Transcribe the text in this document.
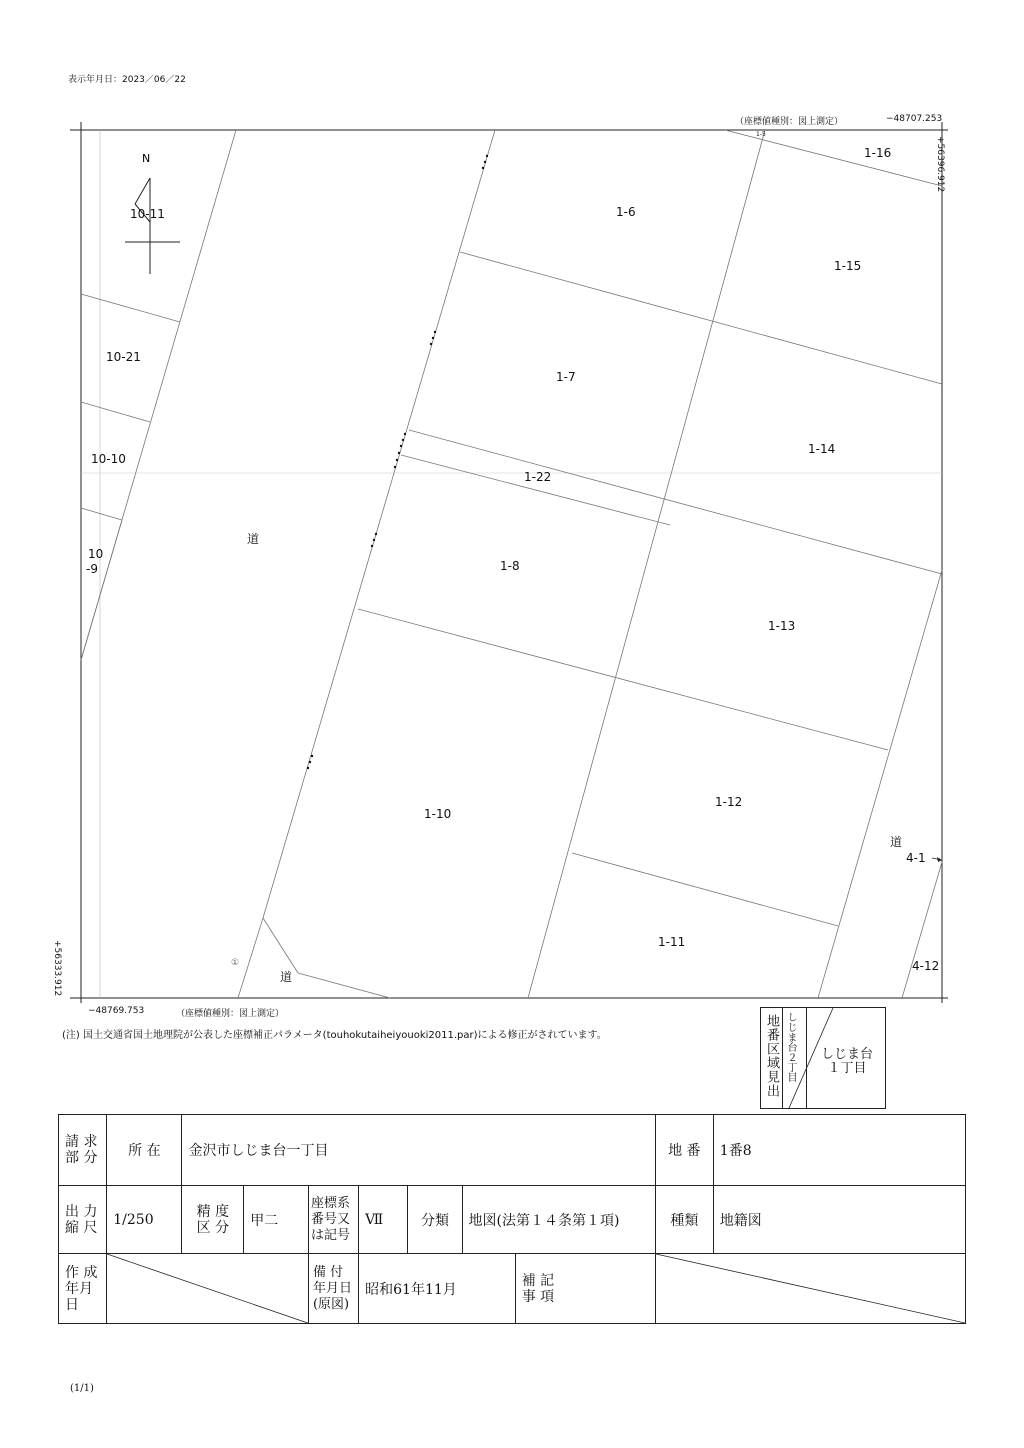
表示年月日：2023／06／22
（座標値種別：図上測定）	−48707.253
+56396.912
−48769.753	（座標値種別：図上測定）
+56333.912
N
①
1-5
1-16
1-6
1-15
1-7
1-14
1-22
1-8
1-13
1-10
1-12
1-11
道
4-1
4-12
10-11
10-21
10-10
10
-9
道
道
(注) 国土交通省国土地理院が公表した座標補正パラメータ(touhokutaiheiyouoki2011.par)による修正がされています。	地番区域見出 しじま台２丁目 しじま台
１丁目
請 求
部 分	所 在	金沢市しじま台一丁目							地 番	1番8
出 力
縮 尺	1/250	精 度
区 分	甲二	座標系
番号又
は記号	Ⅶ	分類	地図(法第１４条第１項)		種類	地籍図
作 成
年月日				備 付
年月日
(原図)	昭和61年11月			補 記
事 項	
(1/1)
